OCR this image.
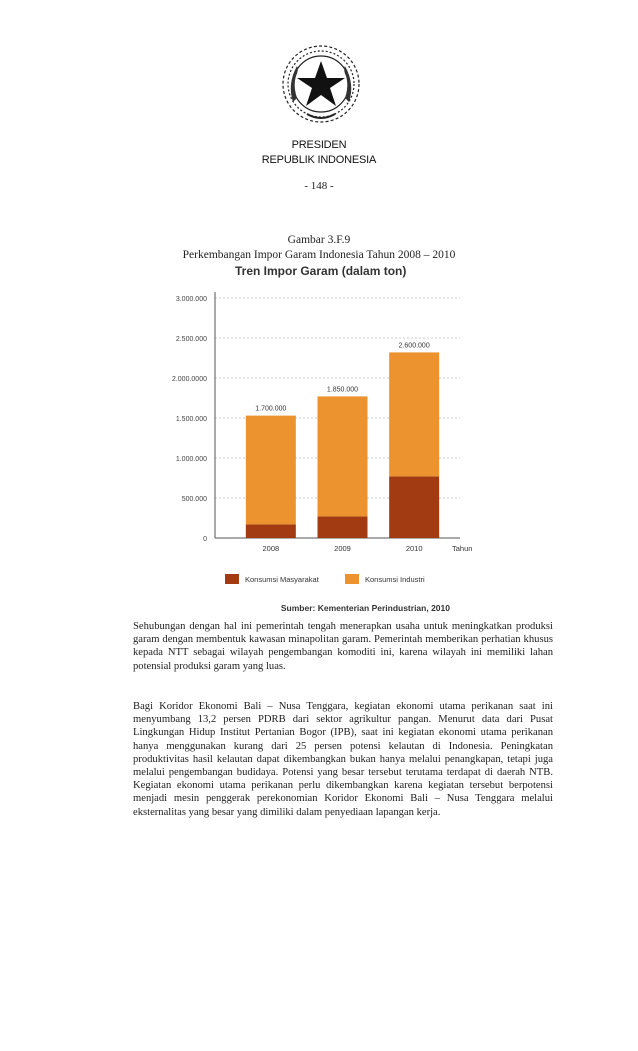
PRESIDEN
REPUBLIK INDONESIA
- 148 -
Gambar 3.F.9
Perkembangan Impor Garam Indonesia Tahun 2008 – 2010
Tren Impor Garam (dalam ton)
0
500.000
1.000.000
1.500.000
2.000.0000
2.500.000
3.000.000
1.700.000
2008
1.850.000
2009
2.600.000
2010	Tahun
Konsumsi Masyarakat	Konsumsi Industri
Sumber: Kementerian Perindustrian, 2010

Sehubungan dengan hal ini pemerintah tengah menerapkan usaha untuk meningkatkan produksi garam dengan membentuk kawasan minapolitan garam. Pemerintah memberikan perhatian khusus kepada NTT sebagai wilayah pengembangan komoditi ini, karena wilayah ini memiliki lahan potensial produksi garam yang luas.

Bagi Koridor Ekonomi Bali – Nusa Tenggara, kegiatan ekonomi utama perikanan saat ini menyumbang 13,2 persen PDRB dari sektor agrikultur pangan. Menurut data dari Pusat Lingkungan Hidup Institut Pertanian Bogor (IPB), saat ini kegiatan ekonomi utama perikanan hanya menggunakan kurang dari 25 persen potensi kelautan di Indonesia. Peningkatan produktivitas hasil kelautan dapat dikembangkan bukan hanya melalui penangkapan, tetapi juga melalui pengembangan budidaya. Potensi yang besar tersebut terutama terdapat di daerah NTB. Kegiatan ekonomi utama perikanan perlu dikembangkan karena kegiatan tersebut berpotensi menjadi mesin penggerak perekonomian Koridor Ekonomi Bali – Nusa Tenggara melalui eksternalitas yang besar yang dimiliki dalam penyediaan lapangan kerja.
